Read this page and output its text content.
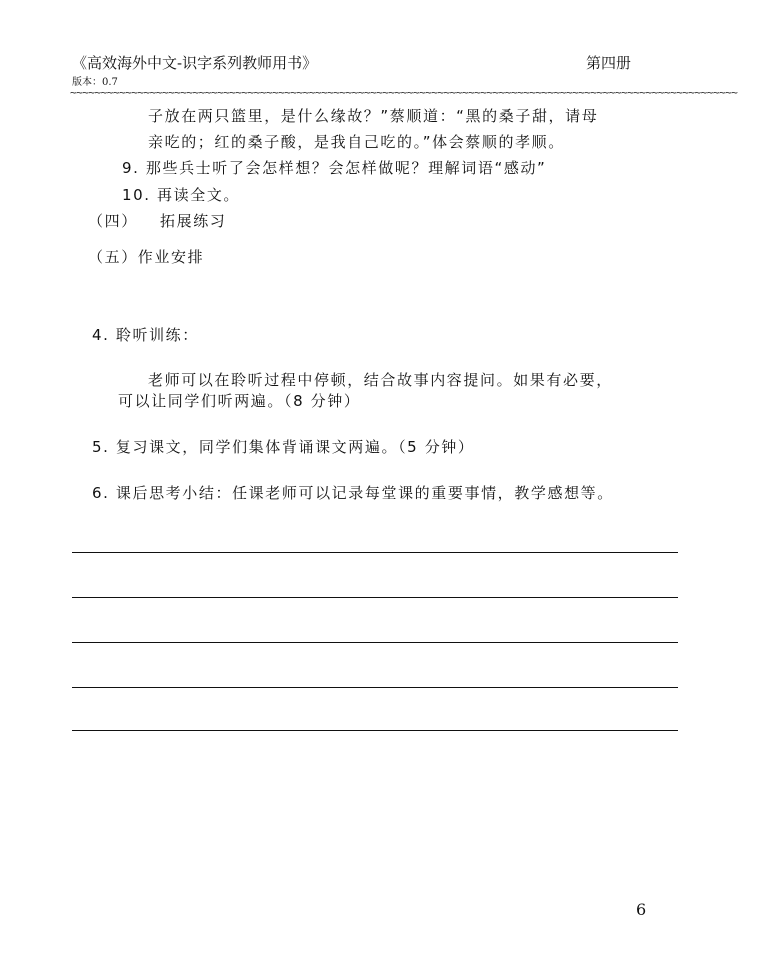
《高效海外中文-识字系列教师用书》	第四册
版本：0.7
~~~~~~~~~~~~~~~~~~~~~~~~~~~~~~~~~~~~~~~~~~~~~~~~~~~~~~~~~~~~~~~~~~~~~~~~~~~~~~~~~~~~~~~~~~~~~~~~~~~~~~~~~~~~~
子放在两只篮里，是什么缘故？”蔡顺道：“黑的桑子甜，请母
亲吃的；红的桑子酸，是我自己吃的。”体会蔡顺的孝顺。
9. 那些兵士听了会怎样想？会怎样做呢？理解词语“感动”
10. 再读全文。
（四） 拓展练习
（五）作业安排
4. 聆听训练：
老师可以在聆听过程中停顿，结合故事内容提问。如果有必要，
可以让同学们听两遍。（8 分钟）
5. 复习课文，同学们集体背诵课文两遍。（5 分钟）
6. 课后思考小结：任课老师可以记录每堂课的重要事情，教学感想等。
6
